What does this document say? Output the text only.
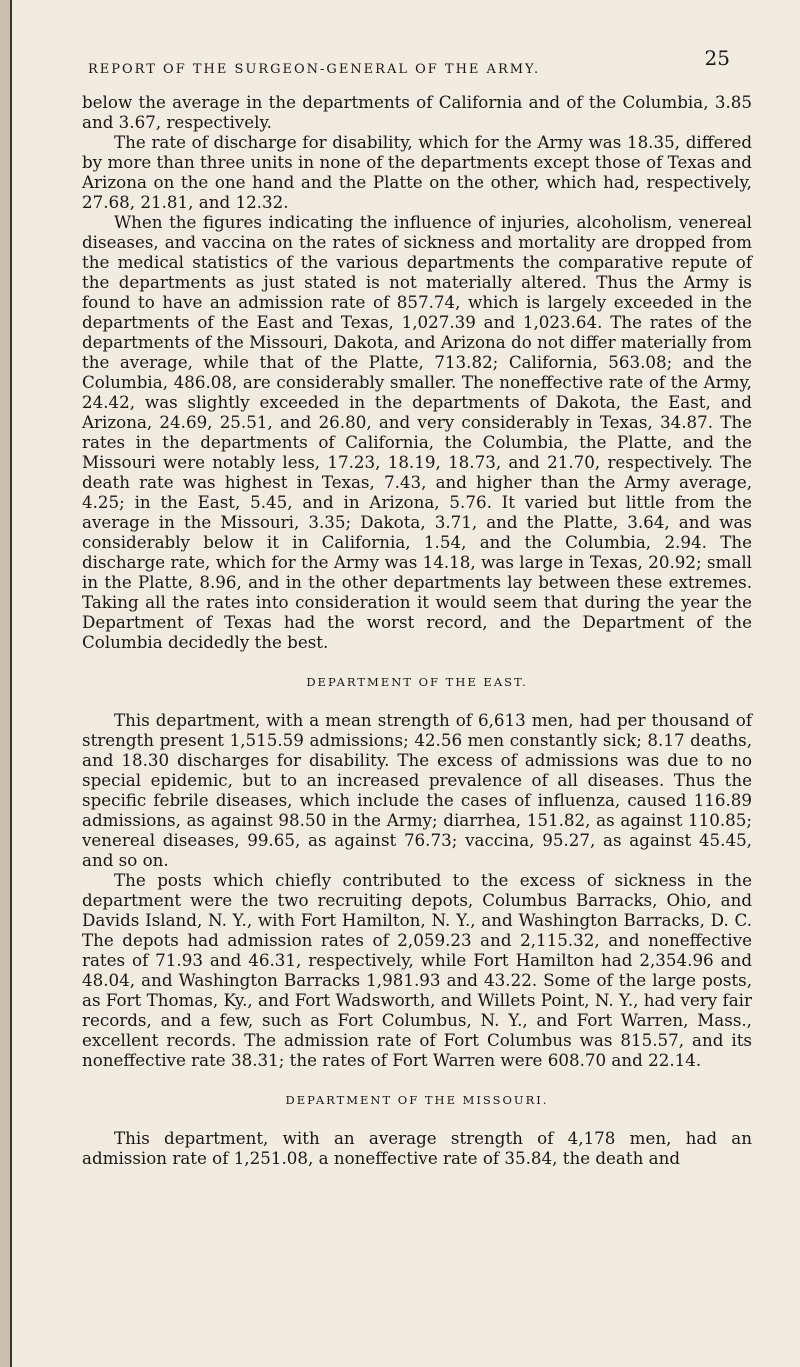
REPORT OF THE SURGEON-GENERAL OF THE ARMY.	25

below the average in the departments of California and of the Columbia, 3.85 and 3.67, respectively.

The rate of discharge for disability, which for the Army was 18.35, differed by more than three units in none of the departments except those of Texas and Arizona on the one hand and the Platte on the other, which had, respectively, 27.68, 21.81, and 12.32.

When the figures indicating the influence of injuries, alcoholism, venereal diseases, and vaccina on the rates of sickness and mortality are dropped from the medical statistics of the various departments the comparative repute of the departments as just stated is not materially altered. Thus the Army is found to have an admission rate of 857.74, which is largely exceeded in the departments of the East and Texas, 1,027.39 and 1,023.64. The rates of the departments of the Missouri, Dakota, and Arizona do not differ materially from the average, while that of the Platte, 713.82; California, 563.08; and the Columbia, 486.08, are considerably smaller. The noneffective rate of the Army, 24.42, was slightly exceeded in the departments of Dakota, the East, and Arizona, 24.69, 25.51, and 26.80, and very considerably in Texas, 34.87. The rates in the departments of California, the Columbia, the Platte, and the Missouri were notably less, 17.23, 18.19, 18.73, and 21.70, respectively. The death rate was highest in Texas, 7.43, and higher than the Army average, 4.25; in the East, 5.45, and in Arizona, 5.76. It varied but little from the average in the Missouri, 3.35; Dakota, 3.71, and the Platte, 3.64, and was considerably below it in California, 1.54, and the Columbia, 2.94. The discharge rate, which for the Army was 14.18, was large in Texas, 20.92; small in the Platte, 8.96, and in the other departments lay between these extremes. Taking all the rates into consideration it would seem that during the year the Department of Texas had the worst record, and the Department of the Columbia decidedly the best.

DEPARTMENT OF THE EAST.

This department, with a mean strength of 6,613 men, had per thousand of strength present 1,515.59 admissions; 42.56 men constantly sick; 8.17 deaths, and 18.30 discharges for disability. The excess of admissions was due to no special epidemic, but to an increased prevalence of all diseases. Thus the specific febrile diseases, which include the cases of influenza, caused 116.89 admissions, as against 98.50 in the Army; diarrhea, 151.82, as against 110.85; venereal diseases, 99.65, as against 76.73; vaccina, 95.27, as against 45.45, and so on.

The posts which chiefly contributed to the excess of sickness in the department were the two recruiting depots, Columbus Barracks, Ohio, and Davids Island, N. Y., with Fort Hamilton, N. Y., and Washington Barracks, D. C. The depots had admission rates of 2,059.23 and 2,115.32, and noneffective rates of 71.93 and 46.31, respectively, while Fort Hamilton had 2,354.96 and 48.04, and Washington Barracks 1,981.93 and 43.22. Some of the large posts, as Fort Thomas, Ky., and Fort Wadsworth, and Willets Point, N. Y., had very fair records, and a few, such as Fort Columbus, N. Y., and Fort Warren, Mass., excellent records. The admission rate of Fort Columbus was 815.57, and its noneffective rate 38.31; the rates of Fort Warren were 608.70 and 22.14.

DEPARTMENT OF THE MISSOURI.

This department, with an average strength of 4,178 men, had an admission rate of 1,251.08, a noneffective rate of 35.84, the death and
